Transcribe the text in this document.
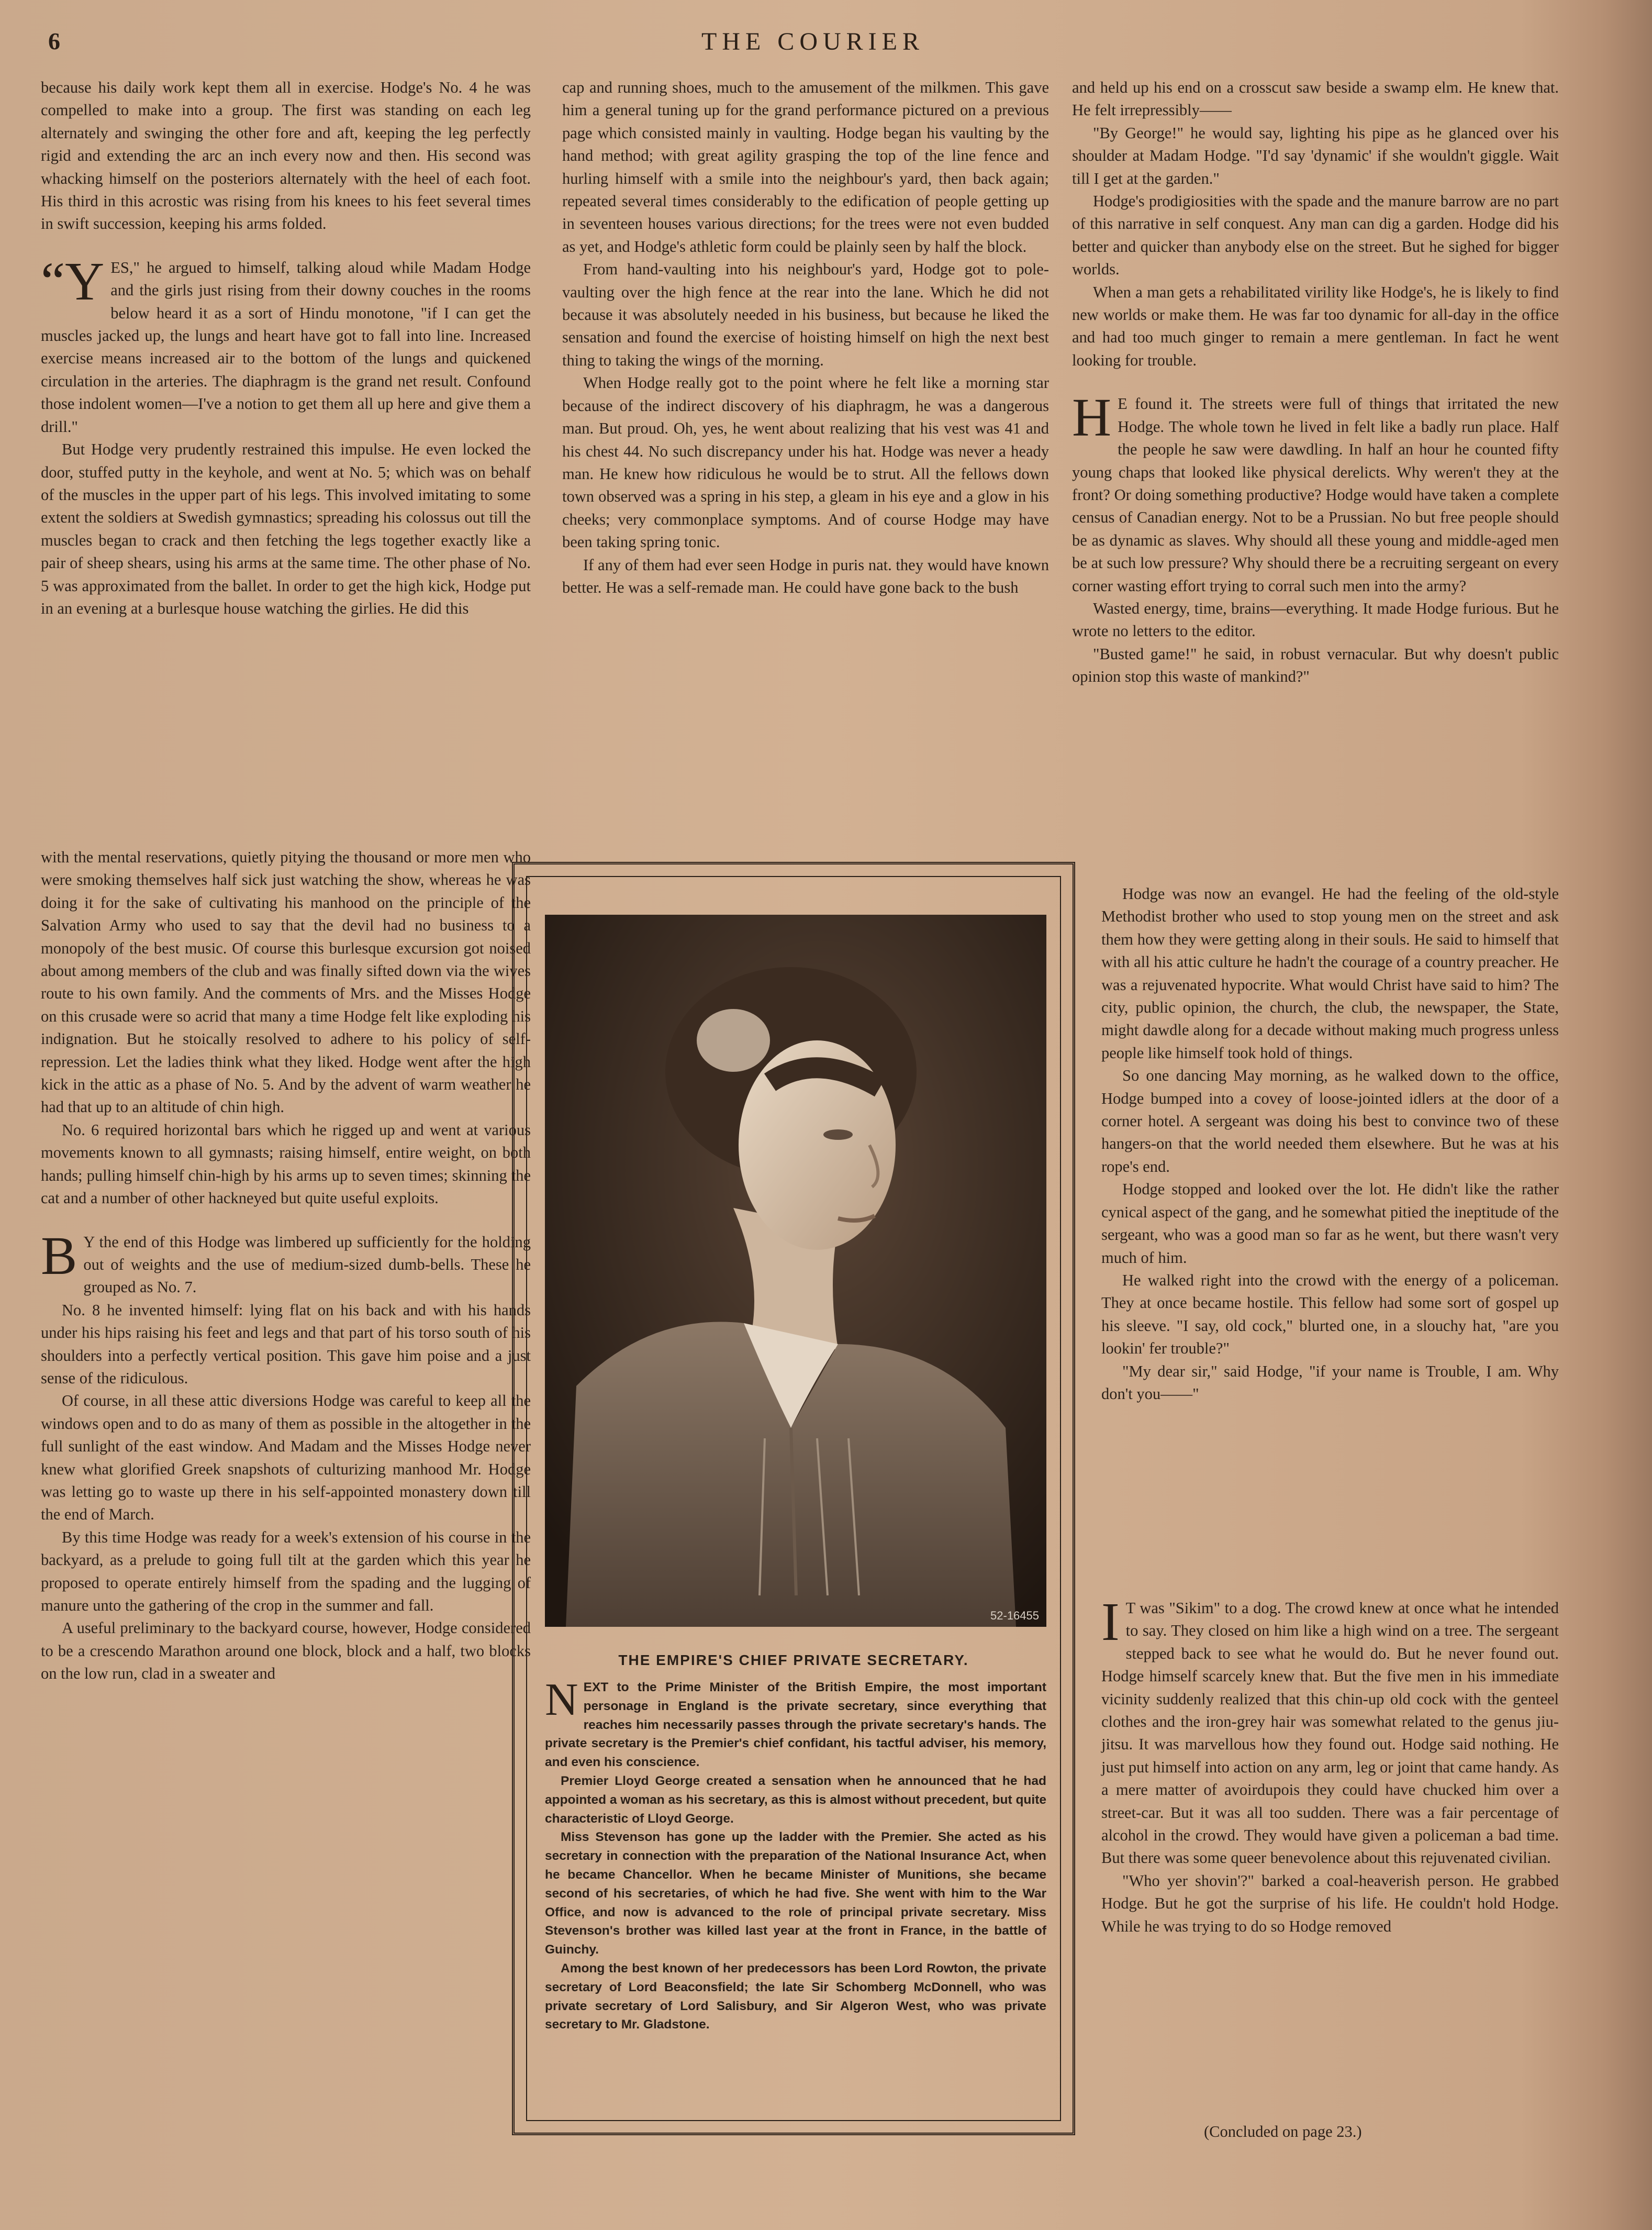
6	THE COURIER

because his daily work kept them all in exercise. Hodge's No. 4 he was compelled to make into a group. The first was standing on each leg alternately and swinging the other fore and aft, keeping the leg perfectly rigid and extending the arc an inch every now and then. His second was whacking himself on the posteriors alternately with the heel of each foot. His third in this acrostic was rising from his knees to his feet several times in swift succession, keeping his arms folded.

“YES," he argued to himself, talking aloud while Madam Hodge and the girls just rising from their downy couches in the rooms below heard it as a sort of Hindu monotone, "if I can get the muscles jacked up, the lungs and heart have got to fall into line. Increased exercise means increased air to the bottom of the lungs and quickened circulation in the arteries. The diaphragm is the grand net result. Confound those indolent women—I've a notion to get them all up here and give them a drill."

But Hodge very prudently restrained this impulse. He even locked the door, stuffed putty in the keyhole, and went at No. 5; which was on behalf of the muscles in the upper part of his legs. This involved imitating to some extent the soldiers at Swedish gymnastics; spreading his colossus out till the muscles began to crack and then fetching the legs together exactly like a pair of sheep shears, using his arms at the same time. The other phase of No. 5 was approximated from the ballet. In order to get the high kick, Hodge put in an evening at a burlesque house watching the girlies. He did this

with the mental reservations, quietly pitying the thousand or more men who were smoking themselves half sick just watching the show, whereas he was doing it for the sake of cultivating his manhood on the principle of the Salvation Army who used to say that the devil had no business to a monopoly of the best music. Of course this burlesque excursion got noised about among members of the club and was finally sifted down via the wives route to his own family. And the comments of Mrs. and the Misses Hodge on this crusade were so acrid that many a time Hodge felt like exploding his indignation. But he stoically resolved to adhere to his policy of self-repression. Let the ladies think what they liked. Hodge went after the high kick in the attic as a phase of No. 5. And by the advent of warm weather he had that up to an altitude of chin high.

No. 6 required horizontal bars which he rigged up and went at various movements known to all gymnasts; raising himself, entire weight, on both hands; pulling himself chin-high by his arms up to seven times; skinning the cat and a number of other hackneyed but quite useful exploits.

B Y the end of this Hodge was limbered up sufficiently for the holding out of weights and the use of medium-sized dumb-bells. These he grouped as No. 7.

No. 8 he invented himself: lying flat on his back and with his hands under his hips raising his feet and legs and that part of his torso south of his shoulders into a perfectly vertical position. This gave him poise and a just sense of the ridiculous.

Of course, in all these attic diversions Hodge was careful to keep all the windows open and to do as many of them as possible in the altogether in the full sunlight of the east window. And Madam and the Misses Hodge never knew what glorified Greek snapshots of culturizing manhood Mr. Hodge was letting go to waste up there in his self-appointed monastery down till the end of March.

By this time Hodge was ready for a week's extension of his course in the backyard, as a prelude to going full tilt at the garden which this year he proposed to operate entirely himself from the spading and the lugging of manure unto the gathering of the crop in the summer and fall.

A useful preliminary to the backyard course, however, Hodge considered to be a crescendo Marathon around one block, block and a half, two blocks on the low run, clad in a sweater and

cap and running shoes, much to the amusement of the milkmen. This gave him a general tuning up for the grand performance pictured on a previous page which consisted mainly in vaulting. Hodge began his vaulting by the hand method; with great agility grasping the top of the line fence and hurling himself with a smile into the neighbour's yard, then back again; repeated several times considerably to the edification of people getting up in seventeen houses various directions; for the trees were not even budded as yet, and Hodge's athletic form could be plainly seen by half the block.

From hand-vaulting into his neighbour's yard, Hodge got to pole-vaulting over the high fence at the rear into the lane. Which he did not because it was absolutely needed in his business, but because he liked the sensation and found the exercise of hoisting himself on high the next best thing to taking the wings of the morning.

When Hodge really got to the point where he felt like a morning star because of the indirect discovery of his diaphragm, he was a dangerous man. But proud. Oh, yes, he went about realizing that his vest was 41 and his chest 44. No such discrepancy under his hat. Hodge was never a heady man. He knew how ridiculous he would be to strut. All the fellows down town observed was a spring in his step, a gleam in his eye and a glow in his cheeks; very commonplace symptoms. And of course Hodge may have been taking spring tonic.

If any of them had ever seen Hodge in puris nat. they would have known better. He was a self-remade man. He could have gone back to the bush

and held up his end on a crosscut saw beside a swamp elm. He knew that. He felt irrepressibly——

"By George!" he would say, lighting his pipe as he glanced over his shoulder at Madam Hodge. "I'd say 'dynamic' if she wouldn't giggle. Wait till I get at the garden."

Hodge's prodigiosities with the spade and the manure barrow are no part of this narrative in self conquest. Any man can dig a garden. Hodge did his better and quicker than anybody else on the street. But he sighed for bigger worlds.

When a man gets a rehabilitated virility like Hodge's, he is likely to find new worlds or make them. He was far too dynamic for all-day in the office and had too much ginger to remain a mere gentleman. In fact he went looking for trouble.

H E found it. The streets were full of things that irritated the new Hodge. The whole town he lived in felt like a badly run place. Half the people he saw were dawdling. In half an hour he counted fifty young chaps that looked like physical derelicts. Why weren't they at the front? Or doing something productive? Hodge would have taken a complete census of Canadian energy. Not to be a Prussian. No but free people should be as dynamic as slaves. Why should all these young and middle-aged men be at such low pressure? Why should there be a recruiting sergeant on every corner wasting effort trying to corral such men into the army?

Wasted energy, time, brains—everything. It made Hodge furious. But he wrote no letters to the editor.

"Busted game!" he said, in robust vernacular. But why doesn't public opinion stop this waste of mankind?"

Hodge was now an evangel. He had the feeling of the old-style Methodist brother who used to stop young men on the street and ask them how they were getting along in their souls. He said to himself that with all his attic culture he hadn't the courage of a country preacher. He was a rejuvenated hypocrite. What would Christ have said to him? The city, public opinion, the church, the club, the newspaper, the State, might dawdle along for a decade without making much progress unless people like himself took hold of things.

So one dancing May morning, as he walked down to the office, Hodge bumped into a covey of loose-jointed idlers at the door of a corner hotel. A sergeant was doing his best to convince two of these hangers-on that the world needed them elsewhere. But he was at his rope's end.

Hodge stopped and looked over the lot. He didn't like the rather cynical aspect of the gang, and he somewhat pitied the ineptitude of the sergeant, who was a good man so far as he went, but there wasn't very much of him.

He walked right into the crowd with the energy of a policeman. They at once became hostile. This fellow had some sort of gospel up his sleeve. "I say, old cock," blurted one, in a slouchy hat, "are you lookin' fer trouble?"

"My dear sir," said Hodge, "if your name is Trouble, I am. Why don't you——"

I T was "Sikim" to a dog. The crowd knew at once what he intended to say. They closed on him like a high wind on a tree. The sergeant stepped back to see what he would do. But he never found out. Hodge himself scarcely knew that. But the five men in his immediate vicinity suddenly realized that this chin-up old cock with the genteel clothes and the iron-grey hair was somewhat related to the genus jiu-jitsu. It was marvellous how they found out. Hodge said nothing. He just put himself into action on any arm, leg or joint that came handy. As a mere matter of avoirdupois they could have chucked him over a street-car. But it was all too sudden. There was a fair percentage of alcohol in the crowd. They would have given a policeman a bad time. But there was some queer benevolence about this rejuvenated civilian.

"Who yer shovin'?" barked a coal-heaverish person. He grabbed Hodge. But he got the surprise of his life. He couldn't hold Hodge. While he was trying to do so Hodge removed

(Concluded on page 23.)
52-16455
THE EMPIRE'S CHIEF PRIVATE SECRETARY.

NEXT to the Prime Minister of the British Empire, the most important personage in England is the private secretary, since everything that reaches him necessarily passes through the private secretary's hands. The private secretary is the Premier's chief confidant, his tactful adviser, his memory, and even his conscience.

Premier Lloyd George created a sensation when he announced that he had appointed a woman as his secretary, as this is almost without precedent, but quite characteristic of Lloyd George.

Miss Stevenson has gone up the ladder with the Premier. She acted as his secretary in connection with the preparation of the National Insurance Act, when he became Chancellor. When he became Minister of Munitions, she became second of his secretaries, of which he had five. She went with him to the War Office, and now is advanced to the role of principal private secretary. Miss Stevenson's brother was killed last year at the front in France, in the battle of Guinchy.

Among the best known of her predecessors has been Lord Rowton, the private secretary of Lord Beaconsfield; the late Sir Schomberg McDonnell, who was private secretary of Lord Salisbury, and Sir Algeron West, who was private secretary to Mr. Gladstone.
